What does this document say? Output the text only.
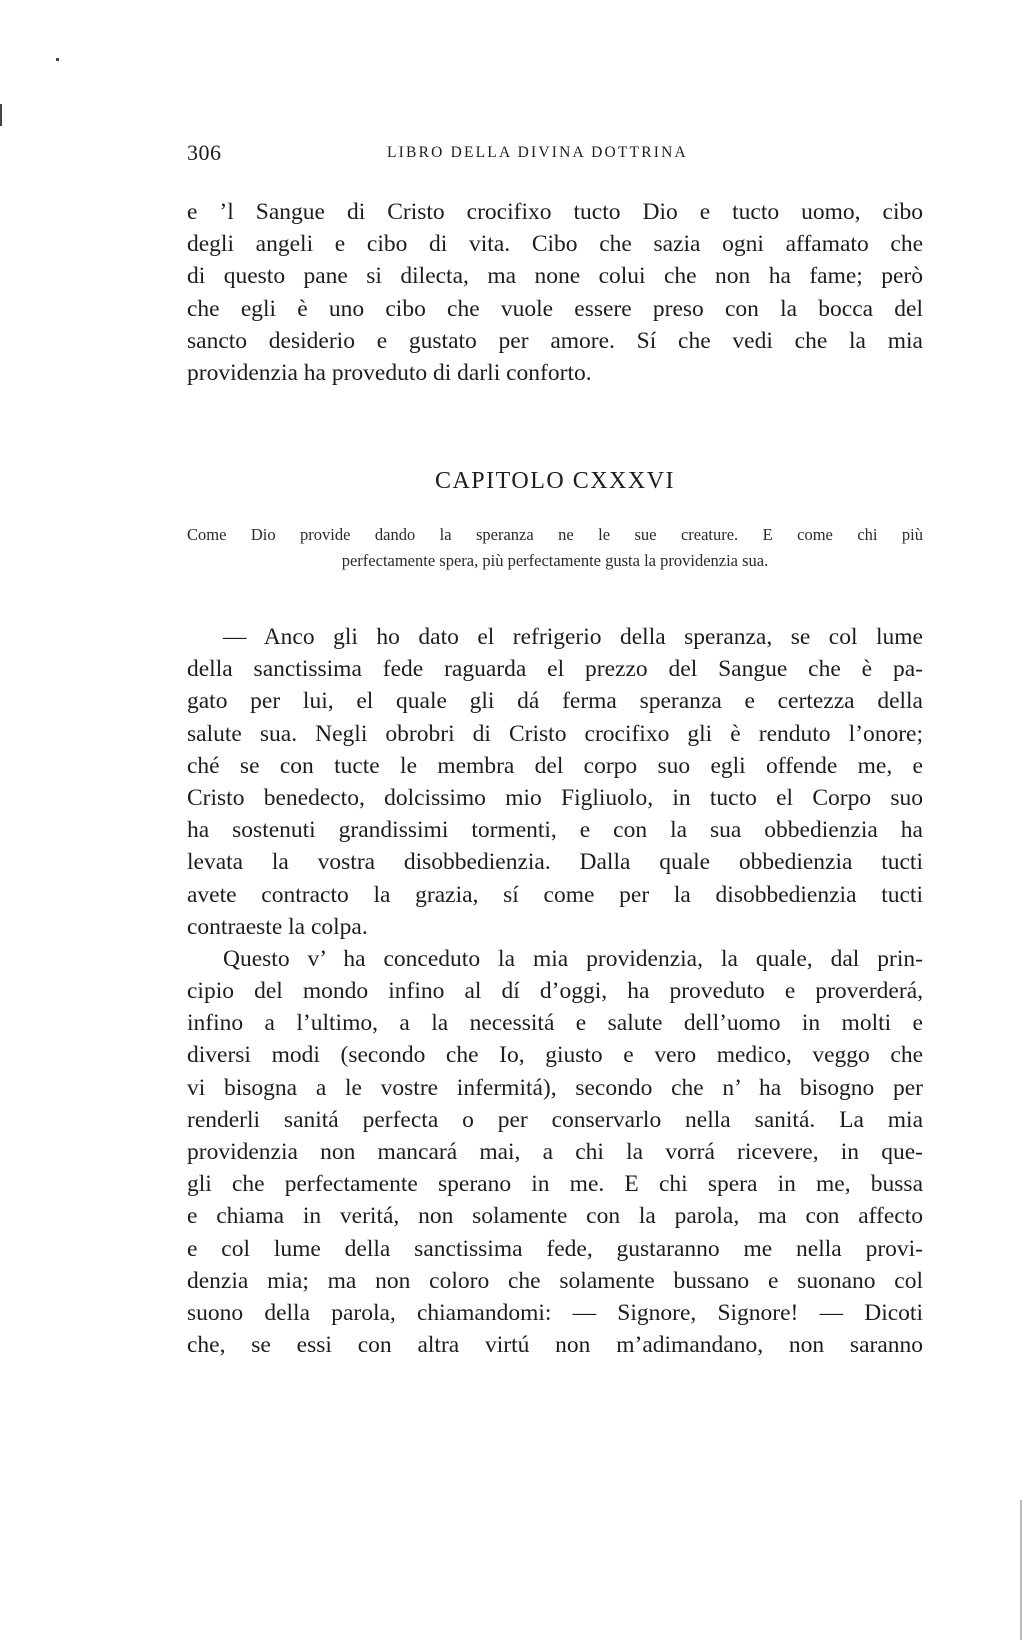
306	LIBRO DELLA DIVINA DOTTRINA
e ’l Sangue di Cristo crocifixo tucto Dio e tucto uomo, cibo
degli angeli e cibo di vita. Cibo che sazia ogni affamato che
di questo pane si dilecta, ma none colui che non ha fame; però
che egli è uno cibo che vuole essere preso con la bocca del
sancto desiderio e gustato per amore. Sí che vedi che la mia
providenzia ha proveduto di darli conforto.
CAPITOLO CXXXVI
Come Dio provide dando la speranza ne le sue creature. E come chi più
perfectamente spera, più perfectamente gusta la providenzia sua.
— Anco gli ho dato el refrigerio della speranza, se col lume
della sanctissima fede raguarda el prezzo del Sangue che è pa-
gato per lui, el quale gli dá ferma speranza e certezza della
salute sua. Negli obrobri di Cristo crocifixo gli è renduto l’onore;
ché se con tucte le membra del corpo suo egli offende me, e
Cristo benedecto, dolcissimo mio Figliuolo, in tucto el Corpo suo
ha sostenuti grandissimi tormenti, e con la sua obbedienzia ha
levata la vostra disobbedienzia. Dalla quale obbedienzia tucti
avete contracto la grazia, sí come per la disobbedienzia tucti
contraeste la colpa.
Questo v’ ha conceduto la mia providenzia, la quale, dal prin-
cipio del mondo infino al dí d’oggi, ha proveduto e proverderá,
infino a l’ultimo, a la necessitá e salute dell’uomo in molti e
diversi modi (secondo che Io, giusto e vero medico, veggo che
vi bisogna a le vostre infermitá), secondo che n’ ha bisogno per
renderli sanitá perfecta o per conservarlo nella sanitá. La mia
providenzia non mancará mai, a chi la vorrá ricevere, in que-
gli che perfectamente sperano in me. E chi spera in me, bussa
e chiama in veritá, non solamente con la parola, ma con affecto
e col lume della sanctissima fede, gustaranno me nella provi-
denzia mia; ma non coloro che solamente bussano e suonano col
suono della parola, chiamandomi: — Signore, Signore! — Dicoti
che, se essi con altra virtú non m’adimandano, non saranno
